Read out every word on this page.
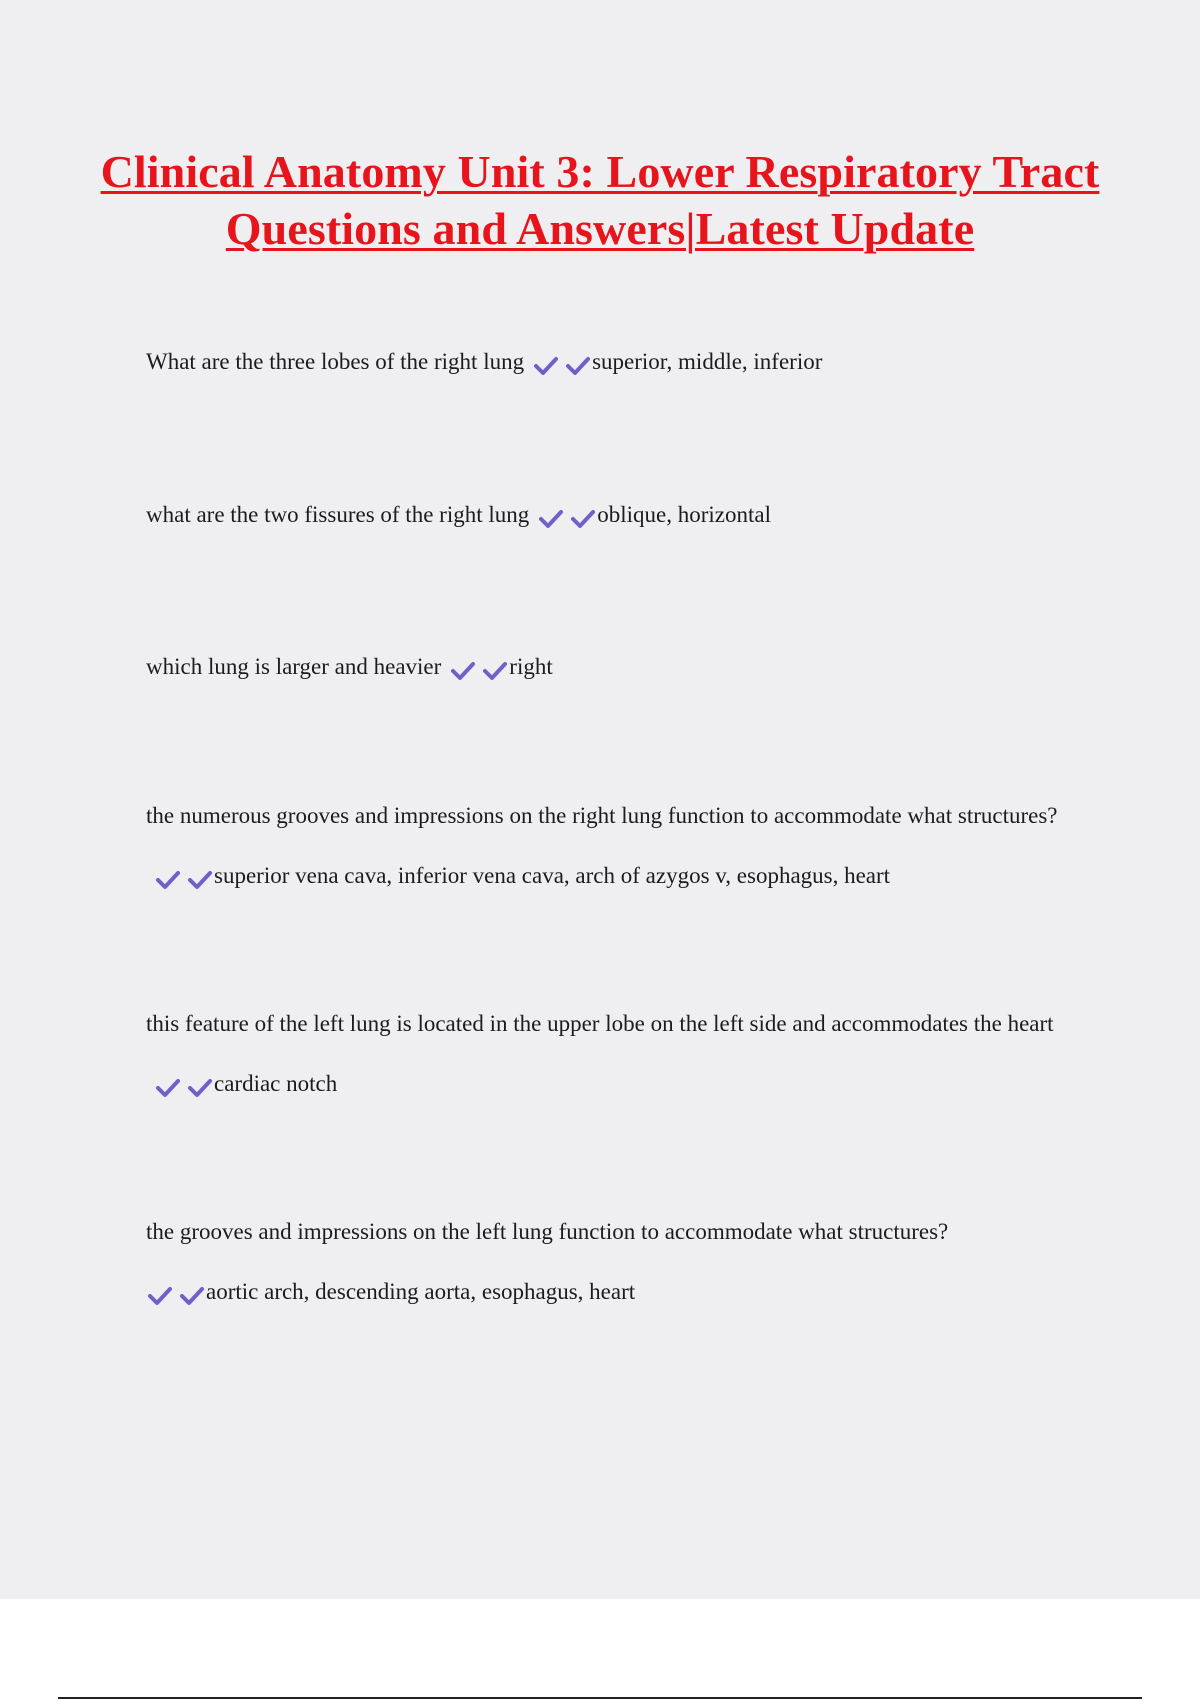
Clinical Anatomy Unit 3: Lower Respiratory Tract Questions and Answers|Latest Update

What are the three lobes of the right lung	superior, middle, inferior

what are the two fissures of the right lung	oblique, horizontal

which lung is larger and heavier	right

the numerous grooves and impressions on the right lung function to accommodate what structures?superior vena cava, inferior vena cava, arch of azygos v, esophagus, heart

this feature of the left lung is located in the upper lobe on the left side and accommodates the heartcardiac notch

the grooves and impressions on the left lung function to accommodate what structures?
aortic arch, descending aorta, esophagus, heart
